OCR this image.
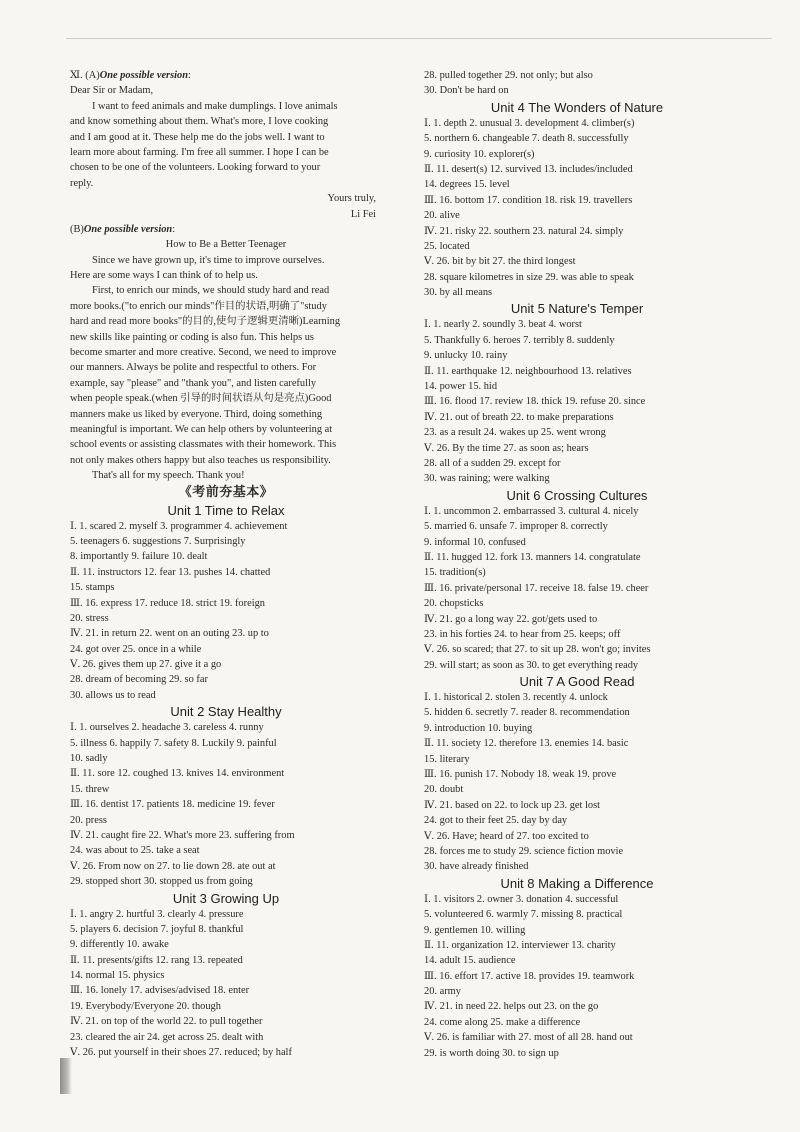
Ⅺ. (A)One possible version:
Dear Sir or Madam,
I want to feed animals and make dumplings. I love animals
and know something about them. What's more, I love cooking
and I am good at it. These help me do the jobs well. I want to
learn more about farming. I'm free all summer. I hope I can be
chosen to be one of the volunteers. Looking forward to your
reply.
Yours truly,
Li Fei
(B)One possible version:
How to Be a Better Teenager
Since we have grown up, it's time to improve ourselves.
Here are some ways I can think of to help us.
First, to enrich our minds, we should study hard and read
more books.("to enrich our minds"作目的状语,明确了"study
hard and read more books"的目的,使句子逻辑更清晰)Learning
new skills like painting or coding is also fun. This helps us
become smarter and more creative. Second, we need to improve
our manners. Always be polite and respectful to others. For
example, say "please" and "thank you", and listen carefully
when people speak.(when 引导的时间状语从句是亮点)Good
manners make us liked by everyone. Third, doing something
meaningful is important. We can help others by volunteering at
school events or assisting classmates with their homework. This
not only makes others happy but also teaches us responsibility.
That's all for my speech. Thank you!
《考前夯基本》
Unit 1 Time to Relax
Ⅰ. 1. scared 2. myself 3. programmer 4. achievement
5. teenagers 6. suggestions 7. Surprisingly
8. importantly 9. failure 10. dealt
Ⅱ. 11. instructors 12. fear 13. pushes 14. chatted
15. stamps
Ⅲ. 16. express 17. reduce 18. strict 19. foreign
20. stress
Ⅳ. 21. in return 22. went on an outing 23. up to
24. got over 25. once in a while
Ⅴ. 26. gives them up 27. give it a go
28. dream of becoming 29. so far
30. allows us to read
Unit 2 Stay Healthy
Ⅰ. 1. ourselves 2. headache 3. careless 4. runny
5. illness 6. happily 7. safety 8. Luckily 9. painful
10. sadly
Ⅱ. 11. sore 12. coughed 13. knives 14. environment
15. threw
Ⅲ. 16. dentist 17. patients 18. medicine 19. fever
20. press
Ⅳ. 21. caught fire 22. What's more 23. suffering from
24. was about to 25. take a seat
Ⅴ. 26. From now on 27. to lie down 28. ate out at
29. stopped short 30. stopped us from going
Unit 3 Growing Up
Ⅰ. 1. angry 2. hurtful 3. clearly 4. pressure
5. players 6. decision 7. joyful 8. thankful
9. differently 10. awake
Ⅱ. 11. presents/gifts 12. rang 13. repeated
14. normal 15. physics
Ⅲ. 16. lonely 17. advises/advised 18. enter
19. Everybody/Everyone 20. though
Ⅳ. 21. on top of the world 22. to pull together
23. cleared the air 24. get across 25. dealt with
Ⅴ. 26. put yourself in their shoes 27. reduced; by half
28. pulled together 29. not only; but also
30. Don't be hard on
Unit 4 The Wonders of Nature
Ⅰ. 1. depth 2. unusual 3. development 4. climber(s)
5. northern 6. changeable 7. death 8. successfully
9. curiosity 10. explorer(s)
Ⅱ. 11. desert(s) 12. survived 13. includes/included
14. degrees 15. level
Ⅲ. 16. bottom 17. condition 18. risk 19. travellers
20. alive
Ⅳ. 21. risky 22. southern 23. natural 24. simply
25. located
Ⅴ. 26. bit by bit 27. the third longest
28. square kilometres in size 29. was able to speak
30. by all means
Unit 5 Nature's Temper
Ⅰ. 1. nearly 2. soundly 3. beat 4. worst
5. Thankfully 6. heroes 7. terribly 8. suddenly
9. unlucky 10. rainy
Ⅱ. 11. earthquake 12. neighbourhood 13. relatives
14. power 15. hid
Ⅲ. 16. flood 17. review 18. thick 19. refuse 20. since
Ⅳ. 21. out of breath 22. to make preparations
23. as a result 24. wakes up 25. went wrong
Ⅴ. 26. By the time 27. as soon as; hears
28. all of a sudden 29. except for
30. was raining; were walking
Unit 6 Crossing Cultures
Ⅰ. 1. uncommon 2. embarrassed 3. cultural 4. nicely
5. married 6. unsafe 7. improper 8. correctly
9. informal 10. confused
Ⅱ. 11. hugged 12. fork 13. manners 14. congratulate
15. tradition(s)
Ⅲ. 16. private/personal 17. receive 18. false 19. cheer
20. chopsticks
Ⅳ. 21. go a long way 22. got/gets used to
23. in his forties 24. to hear from 25. keeps; off
Ⅴ. 26. so scared; that 27. to sit up 28. won't go; invites
29. will start; as soon as 30. to get everything ready
Unit 7 A Good Read
Ⅰ. 1. historical 2. stolen 3. recently 4. unlock
5. hidden 6. secretly 7. reader 8. recommendation
9. introduction 10. buying
Ⅱ. 11. society 12. therefore 13. enemies 14. basic
15. literary
Ⅲ. 16. punish 17. Nobody 18. weak 19. prove
20. doubt
Ⅳ. 21. based on 22. to lock up 23. get lost
24. got to their feet 25. day by day
Ⅴ. 26. Have; heard of 27. too excited to
28. forces me to study 29. science fiction movie
30. have already finished
Unit 8 Making a Difference
Ⅰ. 1. visitors 2. owner 3. donation 4. successful
5. volunteered 6. warmly 7. missing 8. practical
9. gentlemen 10. willing
Ⅱ. 11. organization 12. interviewer 13. charity
14. adult 15. audience
Ⅲ. 16. effort 17. active 18. provides 19. teamwork
20. army
Ⅳ. 21. in need 22. helps out 23. on the go
24. come along 25. make a difference
Ⅴ. 26. is familiar with 27. most of all 28. hand out
29. is worth doing 30. to sign up
